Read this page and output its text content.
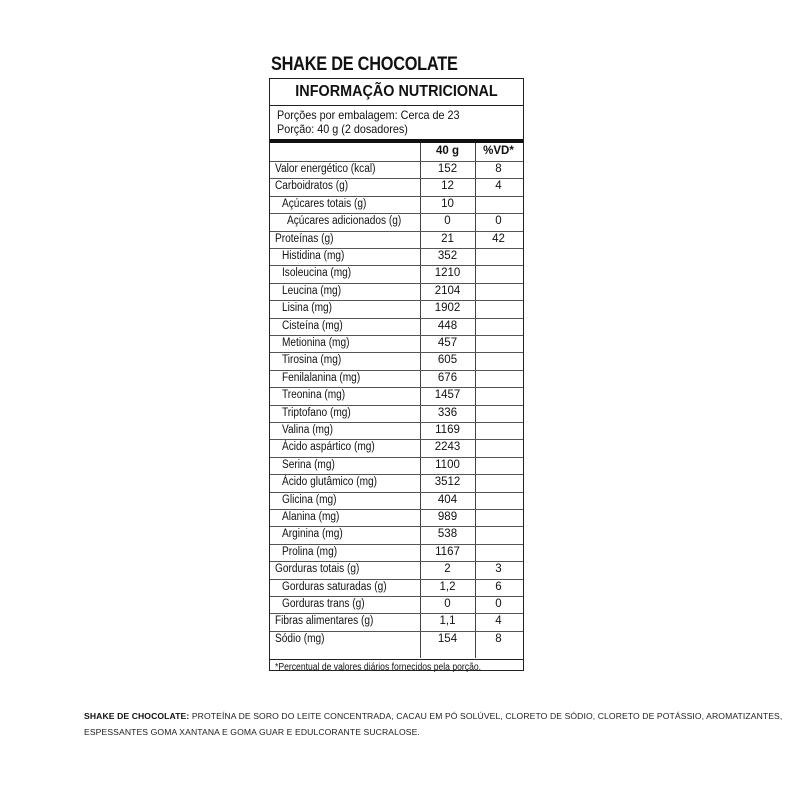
SHAKE DE CHOCOLATE
INFORMAÇÃO NUTRICIONAL
Porções por embalagem: Cerca de 23
Porção: 40 g (2 dosadores)
40 g	%VD*
*Percentual de valores diários fornecidos pela porção.
Valor energético (kcal)	152	8
Carboidratos (g)	12	4
Açúcares totais (g)	10
Açúcares adicionados (g)	0	0
Proteínas (g)	21	42
Histidina (mg)	352
Isoleucina (mg)	1210
Leucina (mg)	2104
Lisina (mg)	1902
Cisteína (mg)	448
Metionina (mg)	457
Tirosina (mg)	605
Fenilalanina (mg)	676
Treonina (mg)	1457
Triptofano (mg)	336
Valina (mg)	1169
Ácido aspártico (mg)	2243
Serina (mg)	1100
Ácido glutâmico (mg)	3512
Glicina (mg)	404
Alanina (mg)	989
Arginina (mg)	538
Prolina (mg)	1167
Gorduras totais (g)	2	3
Gorduras saturadas (g)	1,2	6
Gorduras trans (g)	0	0
Fibras alimentares (g)	1,1	4
Sódio (mg)	154	8
SHAKE DE CHOCOLATE: PROTEÍNA DE SORO DO LEITE CONCENTRADA, CACAU EM PÓ SOLÚVEL, CLORETO DE SÓDIO, CLORETO DE POTÁSSIO, AROMATIZANTES, ESPESSANTES GOMA XANTANA E GOMA GUAR E EDULCORANTE SUCRALOSE.
